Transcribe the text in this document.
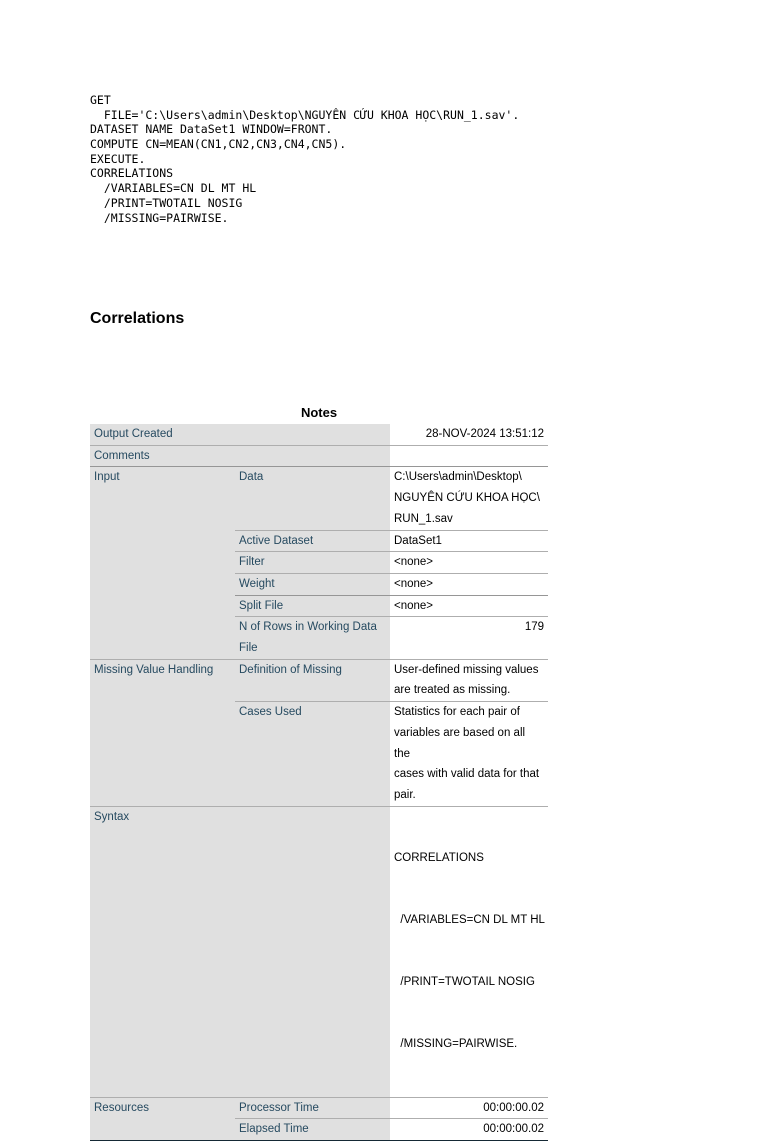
GET
FILE='C:\Users\admin\Desktop\NGUYÊN CỨU KHOA HỌC\RUN_1.sav'.
DATASET NAME DataSet1 WINDOW=FRONT.
COMPUTE CN=MEAN(CN1,CN2,CN3,CN4,CN5).
EXECUTE.
CORRELATIONS
/VARIABLES=CN DL MT HL
/PRINT=TWOTAIL NOSIG
/MISSING=PAIRWISE.
Correlations
Notes
Output Created		28-NOV-2024 13:51:12
Comments		
Input	Data	C:\Users\admin\Desktop\
NGUYÊN CỨU KHOA HỌC\
RUN_1.sav

	Active Dataset	DataSet1
	Filter	<none>
	Weight	<none>
	Split File	<none>

	N of Rows in Working Data
File	179
Missing Value Handling	Definition of Missing	User-defined missing values
are treated as missing.

	Cases Used	Statistics for each pair of
variables are based on all the
cases with valid data for that
pair.

Syntax		CORRELATIONS

/VARIABLES=CN DL MT HL

/PRINT=TWOTAIL NOSIG

/MISSING=PAIRWISE.

Resources	Processor Time	00:00:00.02
	Elapsed Time	00:00:00.02
